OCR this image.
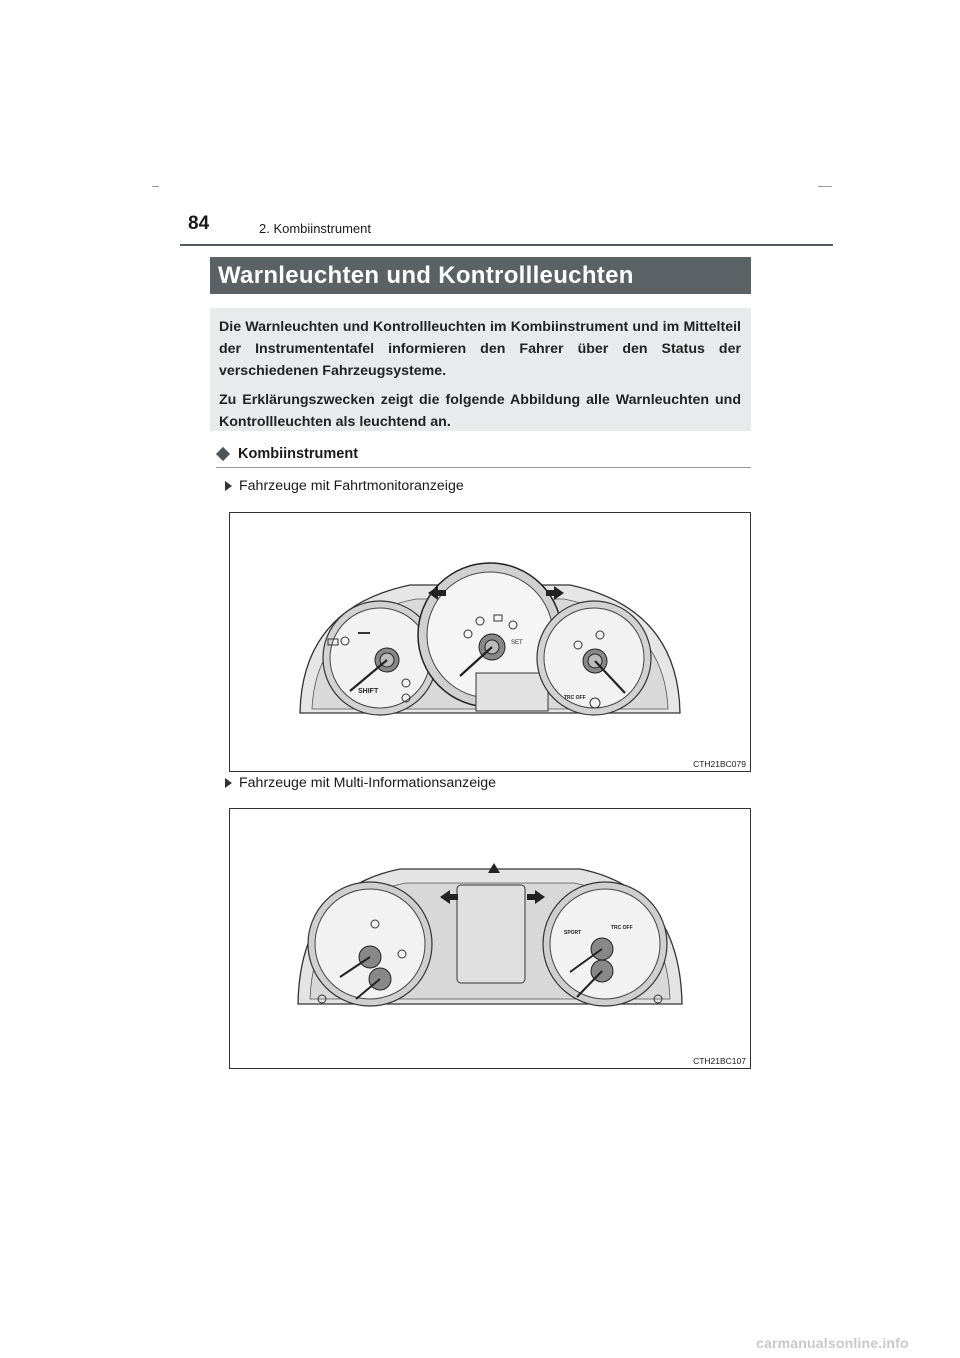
84	2. Kombiinstrument
Warnleuchten und Kontrollleuchten

Die Warnleuchten und Kontrollleuchten im Kombiinstrument und im Mittelteil der Instrumententafel informieren den Fahrer über den Status der verschiedenen Fahrzeugsysteme.

Zu Erklärungszwecken zeigt die folgende Abbildung alle Warnleuchten und Kontrollleuchten als leuchtend an.

Kombiinstrument
Fahrzeuge mit Fahrtmonitoranzeige
SHIFT
SET
TRC OFF
CTH21BC079
Fahrzeuge mit Multi-Informationsanzeige
SPORT
TRC OFF
CTH21BC107
carmanualsonline.info
